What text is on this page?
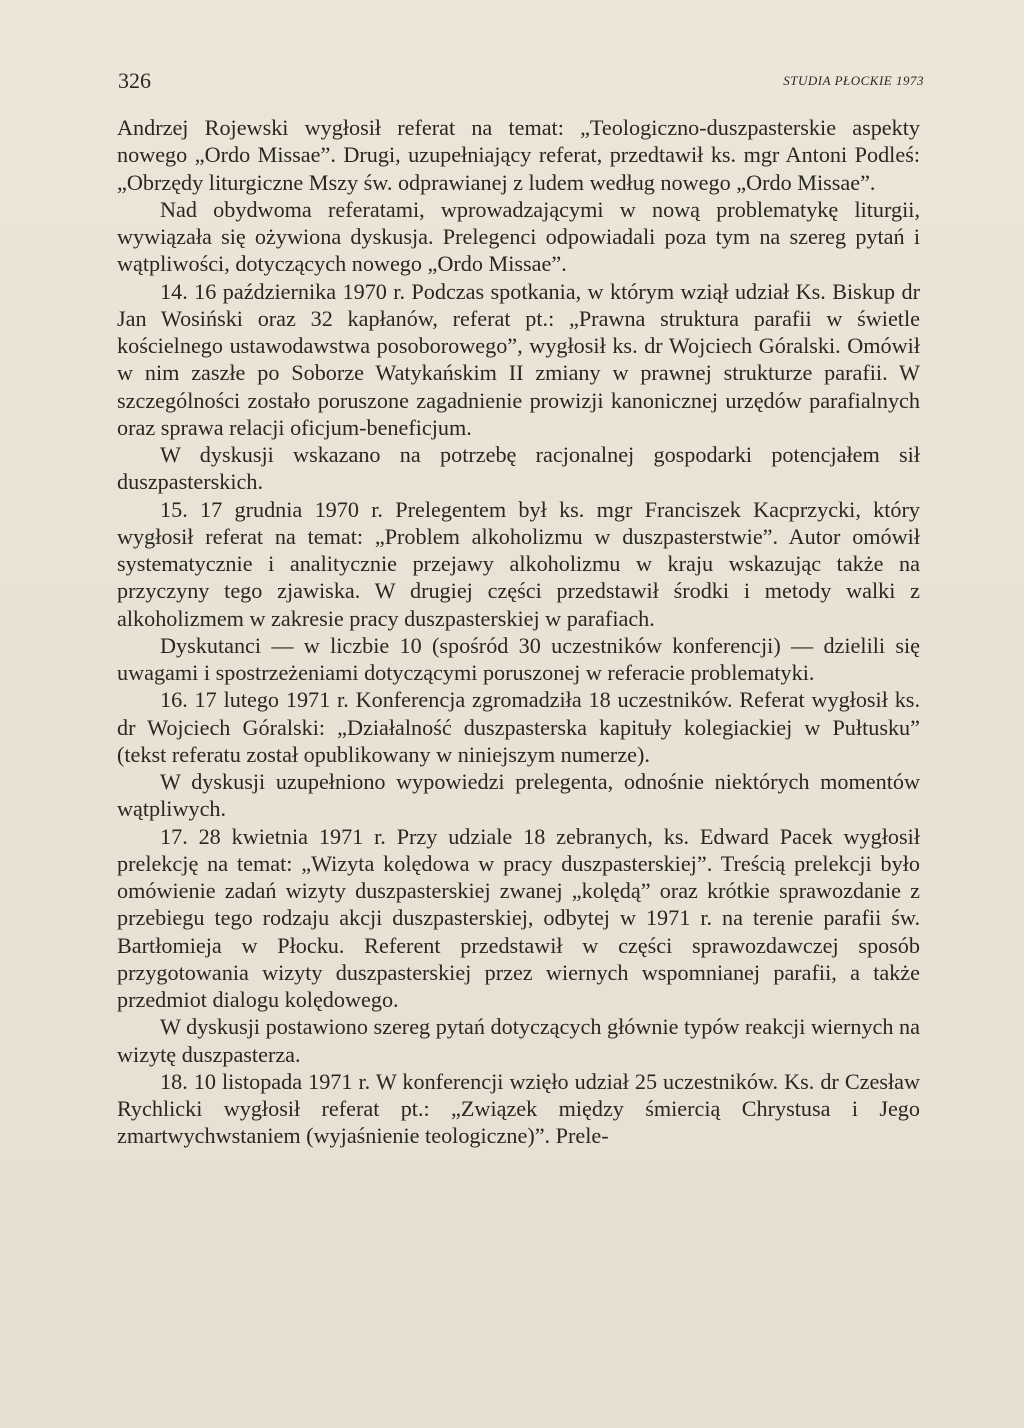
326	STUDIA PŁOCKIE 1973

Andrzej Rojewski wygłosił referat na temat: „Teologiczno-duszpasterskie aspekty nowego „Ordo Missae”. Drugi, uzupełniający referat, przedtawił ks. mgr Antoni Podleś: „Obrzędy liturgiczne Mszy św. odprawianej z ludem według nowego „Ordo Missae”.

Nad obydwoma referatami, wprowadzającymi w nową problematykę liturgii, wywiązała się ożywiona dyskusja. Prelegenci odpowiadali poza tym na szereg pytań i wątpliwości, dotyczących nowego „Ordo Missae”.

14. 16 października 1970 r. Podczas spotkania, w którym wziął udział Ks. Biskup dr Jan Wosiński oraz 32 kapłanów, referat pt.: „Prawna struktura parafii w świetle kościelnego ustawodawstwa posoborowego”, wygłosił ks. dr Wojciech Góralski. Omówił w nim zaszłe po Soborze Watykańskim II zmiany w prawnej strukturze parafii. W szczególności zostało poruszone zagadnienie prowizji kanonicznej urzędów parafialnych oraz sprawa relacji oficjum-beneficjum.

W dyskusji wskazano na potrzebę racjonalnej gospodarki potencjałem sił duszpasterskich.

15. 17 grudnia 1970 r. Prelegentem był ks. mgr Franciszek Kacprzycki, który wygłosił referat na temat: „Problem alkoholizmu w duszpasterstwie”. Autor omówił systematycznie i analitycznie przejawy alkoholizmu w kraju wskazując także na przyczyny tego zjawiska. W drugiej części przedstawił środki i metody walki z alkoholizmem w zakresie pracy duszpasterskiej w parafiach.

Dyskutanci — w liczbie 10 (spośród 30 uczestników konferencji) — dzielili się uwagami i spostrzeżeniami dotyczącymi poruszonej w referacie problematyki.

16. 17 lutego 1971 r. Konferencja zgromadziła 18 uczestników. Referat wygłosił ks. dr Wojciech Góralski: „Działalność duszpasterska kapituły kolegiackiej w Pułtusku” (tekst referatu został opublikowany w niniejszym numerze).

W dyskusji uzupełniono wypowiedzi prelegenta, odnośnie niektórych momentów wątpliwych.

17. 28 kwietnia 1971 r. Przy udziale 18 zebranych, ks. Edward Pacek wygłosił prelekcję na temat: „Wizyta kolędowa w pracy duszpasterskiej”. Treścią prelekcji było omówienie zadań wizyty duszpasterskiej zwanej „kolędą” oraz krótkie sprawozdanie z przebiegu tego rodzaju akcji duszpasterskiej, odbytej w 1971 r. na terenie parafii św. Bartłomieja w Płocku. Referent przedstawił w części sprawozdawczej sposób przygotowania wizyty duszpasterskiej przez wiernych wspomnianej parafii, a także przedmiot dialogu kolędowego.

W dyskusji postawiono szereg pytań dotyczących głównie typów reakcji wiernych na wizytę duszpasterza.

18. 10 listopada 1971 r. W konferencji wzięło udział 25 uczestników. Ks. dr Czesław Rychlicki wygłosił referat pt.: „Związek między śmiercią Chrystusa i Jego zmartwychwstaniem (wyjaśnienie teologiczne)”. Prele-
